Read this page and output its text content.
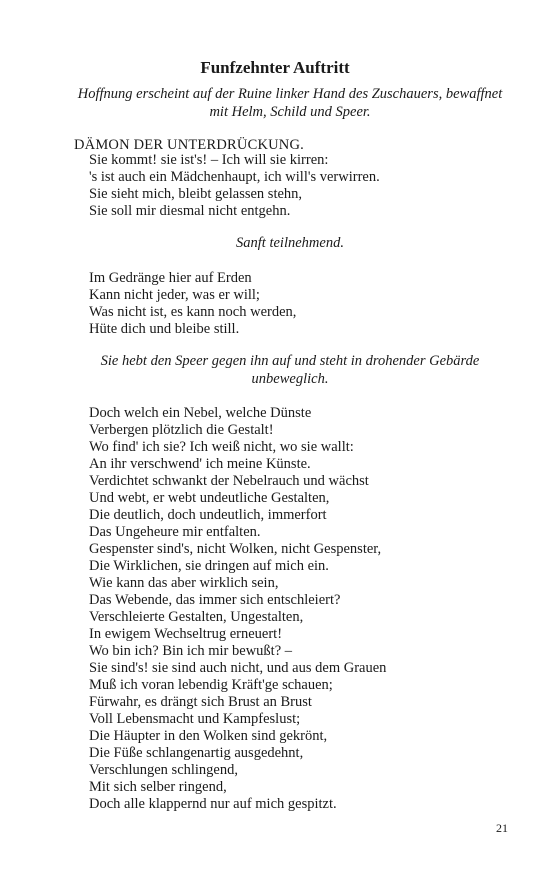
Funfzehnter Auftritt
Hoffnung erscheint auf der Ruine linker Hand des Zuschauers, bewaffnet mit Helm, Schild und Speer.
DÄMON DER UNTERDRÜCKUNG.
Sie kommt! sie ist's! – Ich will sie kirren:
's ist auch ein Mädchenhaupt, ich will's verwirren.
Sie sieht mich, bleibt gelassen stehn,
Sie soll mir diesmal nicht entgehn.
Sanft teilnehmend.
Im Gedränge hier auf Erden
Kann nicht jeder, was er will;
Was nicht ist, es kann noch werden,
Hüte dich und bleibe still.
Sie hebt den Speer gegen ihn auf und steht in drohender Gebärde unbeweglich.
Doch welch ein Nebel, welche Dünste
Verbergen plötzlich die Gestalt!
Wo find' ich sie? Ich weiß nicht, wo sie wallt:
An ihr verschwend' ich meine Künste.
Verdichtet schwankt der Nebelrauch und wächst
Und webt, er webt undeutliche Gestalten,
Die deutlich, doch undeutlich, immerfort
Das Ungeheure mir entfalten.
Gespenster sind's, nicht Wolken, nicht Gespenster,
Die Wirklichen, sie dringen auf mich ein.
Wie kann das aber wirklich sein,
Das Webende, das immer sich entschleiert?
Verschleierte Gestalten, Ungestalten,
In ewigem Wechseltrug erneuert!
Wo bin ich? Bin ich mir bewußt? –
Sie sind's! sie sind auch nicht, und aus dem Grauen
Muß ich voran lebendig Kräft'ge schauen;
Fürwahr, es drängt sich Brust an Brust
Voll Lebensmacht und Kampfeslust;
Die Häupter in den Wolken sind gekrönt,
Die Füße schlangenartig ausgedehnt,
Verschlungen schlingend,
Mit sich selber ringend,
Doch alle klappernd nur auf mich gespitzt.
21
